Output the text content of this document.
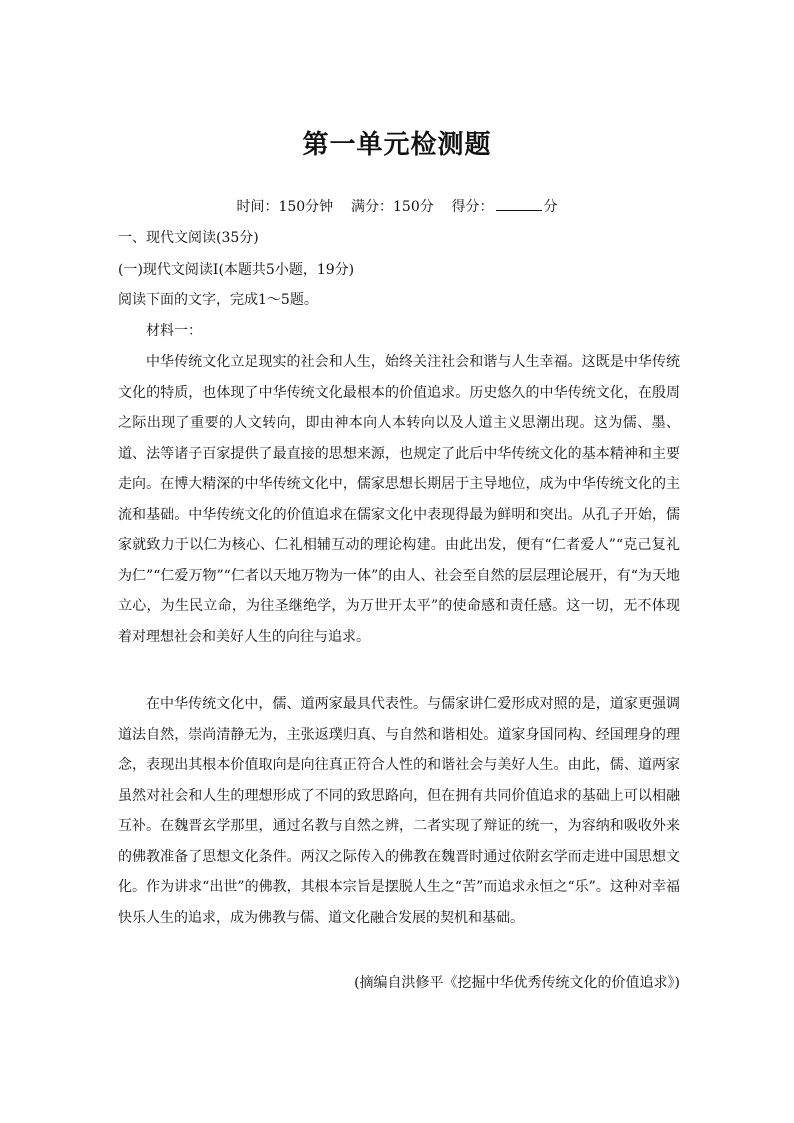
第一单元检测题
时间：150分钟 满分：150分 得分：	分
一、现代文阅读(35分)
(一)现代文阅读Ⅰ(本题共5小题，19分)
阅读下面的文字，完成1～5题。
材料一：
中华传统文化立足现实的社会和人生，始终关注社会和谐与人生幸福。这既是中华传统文化的特质，也体现了中华传统文化最根本的价值追求。历史悠久的中华传统文化，在殷周之际出现了重要的人文转向，即由神本向人本转向以及人道主义思潮出现。这为儒、墨、道、法等诸子百家提供了最直接的思想来源，也规定了此后中华传统文化的基本精神和主要走向。在博大精深的中华传统文化中，儒家思想长期居于主导地位，成为中华传统文化的主流和基础。中华传统文化的价值追求在儒家文化中表现得最为鲜明和突出。从孔子开始，儒家就致力于以仁为核心、仁礼相辅互动的理论构建。由此出发，便有“仁者爱人”“克己复礼为仁”“仁爱万物”“仁者以天地万物为一体”的由人、社会至自然的层层理论展开，有“为天地立心，为生民立命，为往圣继绝学，为万世开太平”的使命感和责任感。这一切，无不体现着对理想社会和美好人生的向往与追求。
在中华传统文化中，儒、道两家最具代表性。与儒家讲仁爱形成对照的是，道家更强调道法自然，崇尚清静无为，主张返璞归真、与自然和谐相处。道家身国同构、经国理身的理念，表现出其根本价值取向是向往真正符合人性的和谐社会与美好人生。由此，儒、道两家虽然对社会和人生的理想形成了不同的致思路向，但在拥有共同价值追求的基础上可以相融互补。在魏晋玄学那里，通过名教与自然之辨，二者实现了辩证的统一，为容纳和吸收外来的佛教准备了思想文化条件。两汉之际传入的佛教在魏晋时通过依附玄学而走进中国思想文化。作为讲求“出世”的佛教，其根本宗旨是摆脱人生之“苦”而追求永恒之“乐”。这种对幸福快乐人生的追求，成为佛教与儒、道文化融合发展的契机和基础。
(摘编自洪修平《挖掘中华优秀传统文化的价值追求》)
